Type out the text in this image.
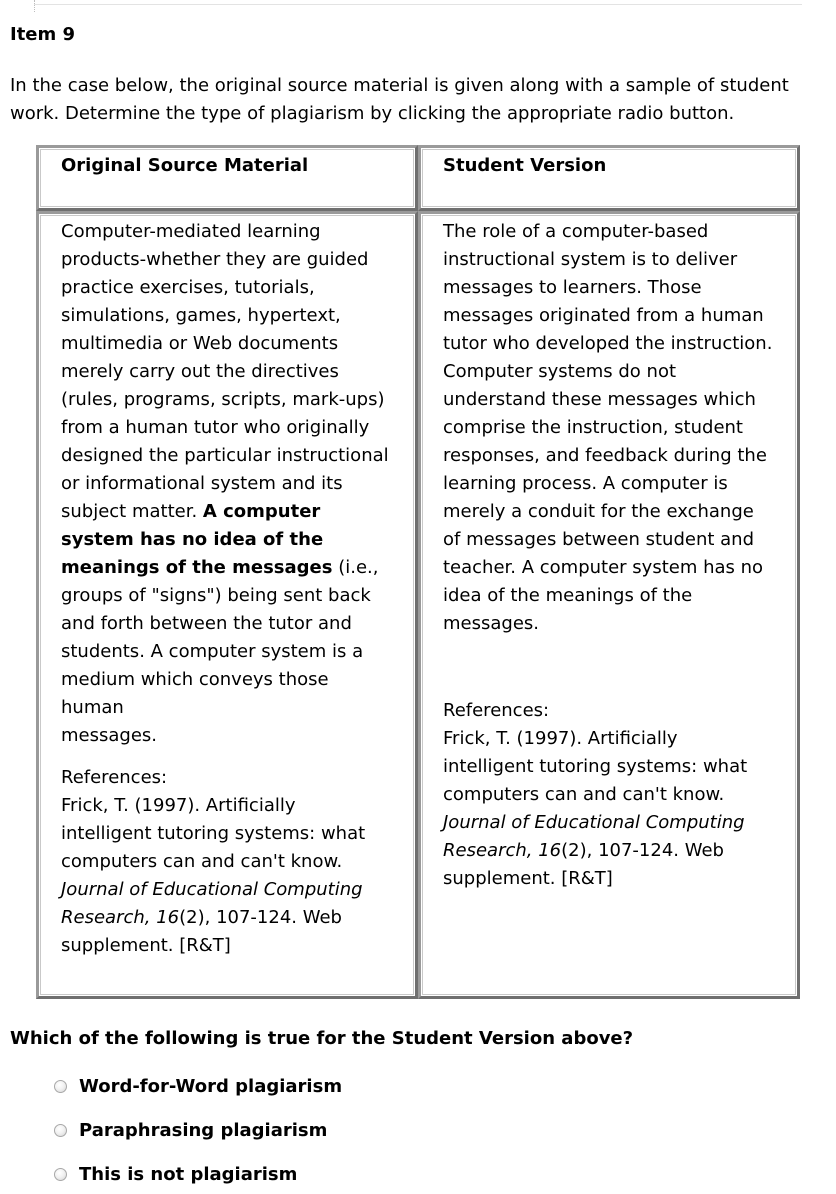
Item 9

In the case below, the original source material is given along with a sample of student work. Determine the type of plagiarism by clicking the appropriate radio button.

Original Source Material	Student Version

Computer-mediated learning

products-whether they are guided

practice exercises, tutorials,

simulations, games, hypertext,

multimedia or Web documents

merely carry out the directives

(rules, programs, scripts, mark-ups)

from a human tutor who originally

designed the particular instructional

or informational system and its

subject matter. A computer

system has no idea of the

meanings of the messages (i.e.,

groups of "signs") being sent back

and forth between the tutor and

students. A computer system is a

medium which conveys those human

messages.

References:

Frick, T. (1997). Artificially

intelligent tutoring systems: what

computers can and can't know.

Journal of Educational Computing

Research, 16(2), 107-124. Web

supplement. [R&T]

The role of a computer-based

instructional system is to deliver

messages to learners. Those

messages originated from a human

tutor who developed the instruction.

Computer systems do not

understand these messages which

comprise the instruction, student

responses, and feedback during the

learning process. A computer is

merely a conduit for the exchange

of messages between student and

teacher. A computer system has no

idea of the meanings of the

messages.

References:

Frick, T. (1997). Artificially

intelligent tutoring systems: what

computers can and can't know.

Journal of Educational Computing

Research, 16(2), 107-124. Web

supplement. [R&T]

Which of the following is true for the Student Version above?
Word-for-Word plagiarism
Paraphrasing plagiarism
This is not plagiarism
